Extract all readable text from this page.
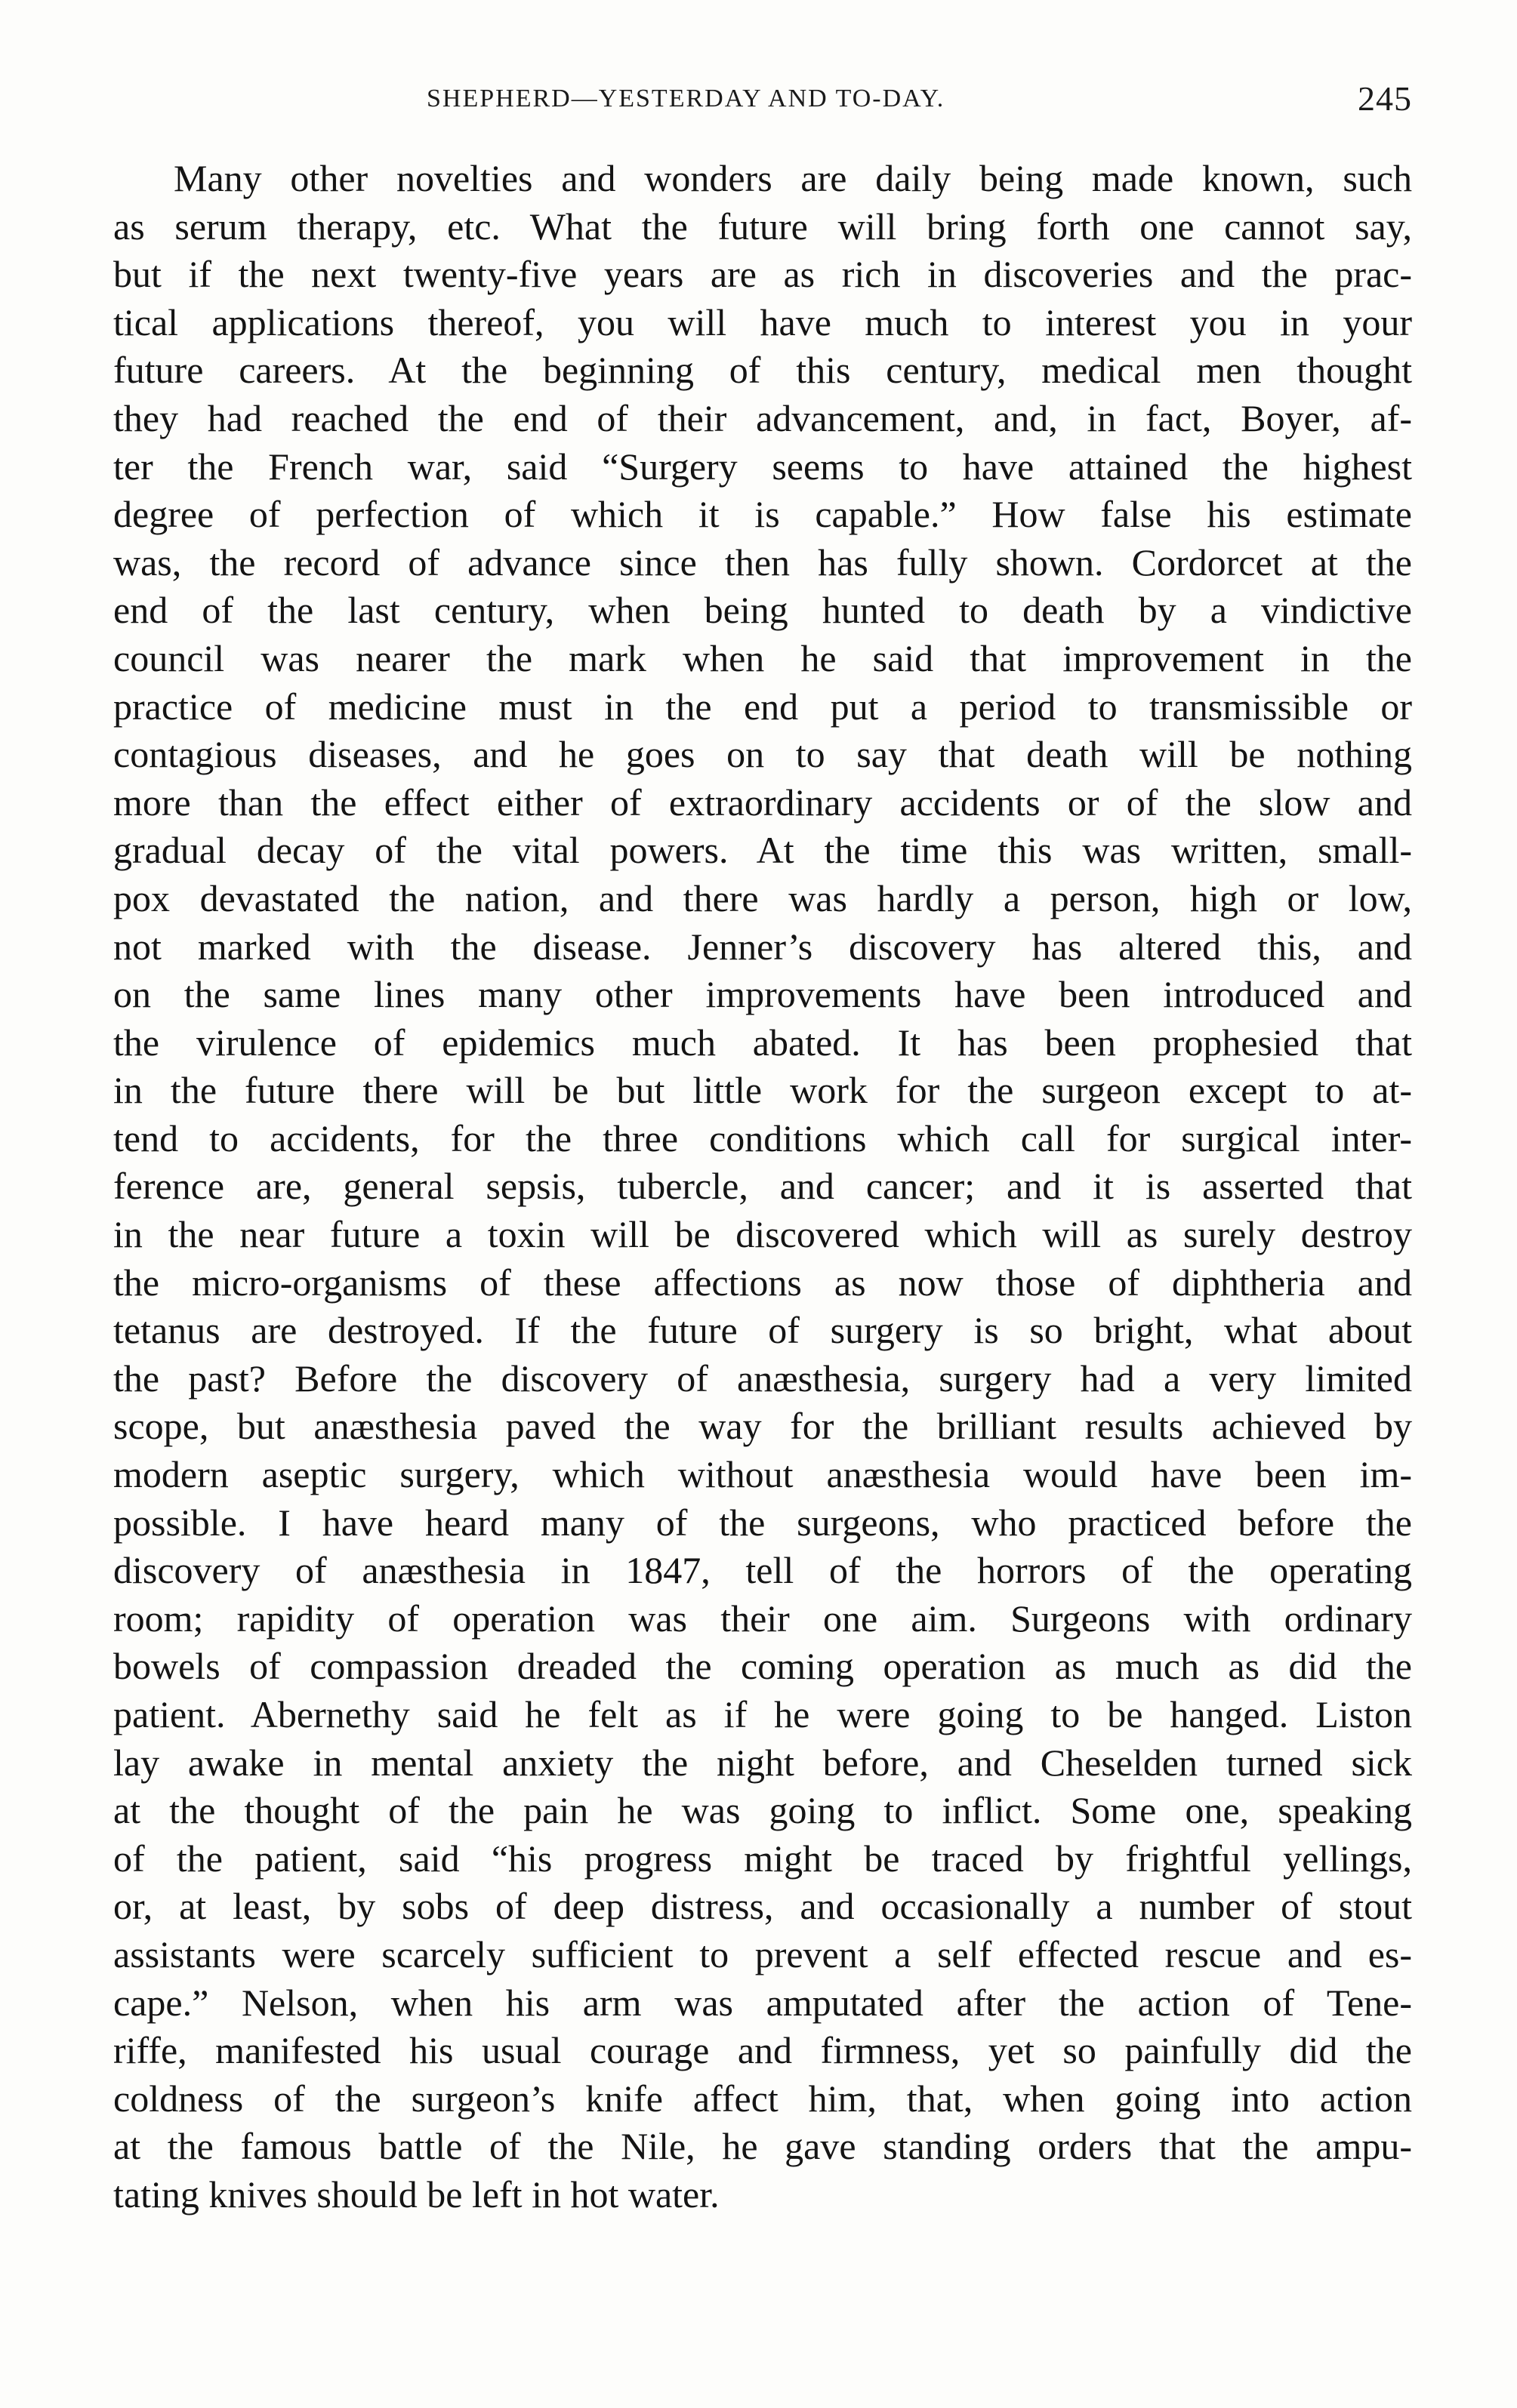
SHEPHERD—YESTERDAY AND TO-DAY.	245
Many other novelties and wonders are daily being made known, such
as serum therapy, etc. What the future will bring forth one cannot say,
but if the next twenty-five years are as rich in discoveries and the prac-
tical applications thereof, you will have much to interest you in your
future careers. At the beginning of this century, medical men thought
they had reached the end of their advancement, and, in fact, Boyer, af-
ter the French war, said “Surgery seems to have attained the highest
degree of perfection of which it is capable.” How false his estimate
was, the record of advance since then has fully shown. Cordorcet at the
end of the last century, when being hunted to death by a vindictive
council was nearer the mark when he said that improvement in the
practice of medicine must in the end put a period to transmissible or
contagious diseases, and he goes on to say that death will be nothing
more than the effect either of extraordinary accidents or of the slow and
gradual decay of the vital powers. At the time this was written, small-
pox devastated the nation, and there was hardly a person, high or low,
not marked with the disease. Jenner’s discovery has altered this, and
on the same lines many other improvements have been introduced and
the virulence of epidemics much abated. It has been prophesied that
in the future there will be but little work for the surgeon except to at-
tend to accidents, for the three conditions which call for surgical inter-
ference are, general sepsis, tubercle, and cancer; and it is asserted that
in the near future a toxin will be discovered which will as surely destroy
the micro-organisms of these affections as now those of diphtheria and
tetanus are destroyed. If the future of surgery is so bright, what about
the past? Before the discovery of anæsthesia, surgery had a very limited
scope, but anæsthesia paved the way for the brilliant results achieved by
modern aseptic surgery, which without anæsthesia would have been im-
possible. I have heard many of the surgeons, who practiced before the
discovery of anæsthesia in 1847, tell of the horrors of the operating
room; rapidity of operation was their one aim. Surgeons with ordinary
bowels of compassion dreaded the coming operation as much as did the
patient. Abernethy said he felt as if he were going to be hanged. Liston
lay awake in mental anxiety the night before, and Cheselden turned sick
at the thought of the pain he was going to inflict. Some one, speaking
of the patient, said “his progress might be traced by frightful yellings,
or, at least, by sobs of deep distress, and occasionally a number of stout
assistants were scarcely sufficient to prevent a self effected rescue and es-
cape.” Nelson, when his arm was amputated after the action of Tene-
riffe, manifested his usual courage and firmness, yet so painfully did the
coldness of the surgeon’s knife affect him, that, when going into action
at the famous battle of the Nile, he gave standing orders that the ampu-
tating knives should be left in hot water.
